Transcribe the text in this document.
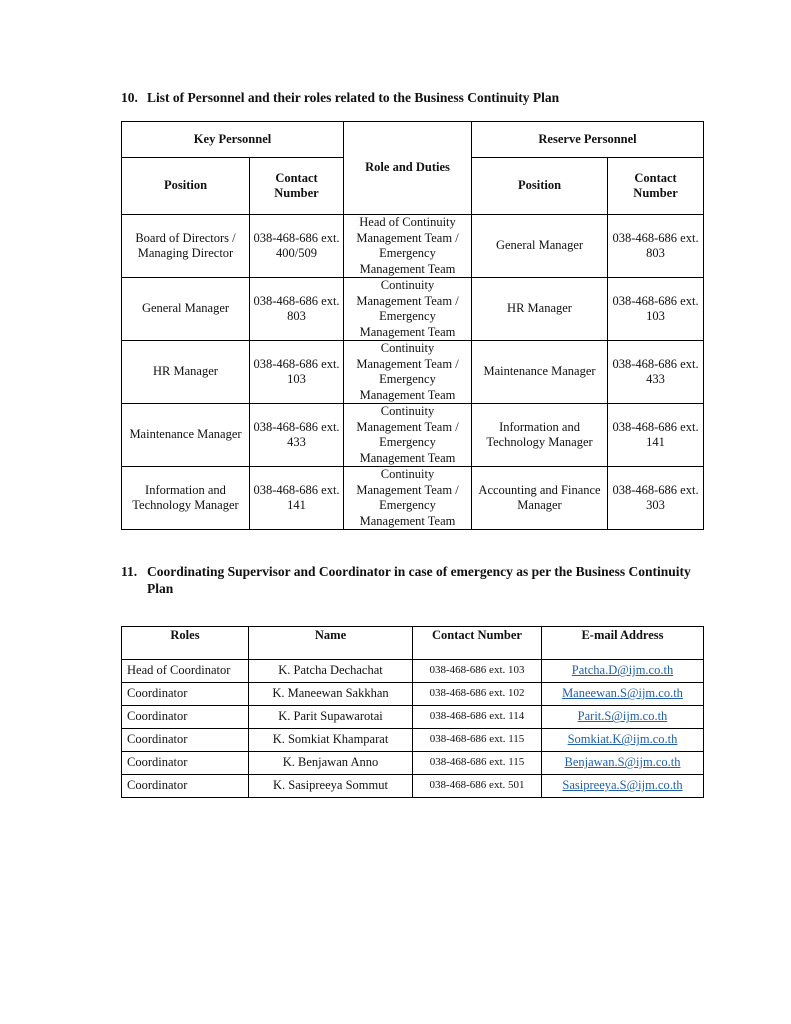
10. List of Personnel and their roles related to the Business Continuity Plan
Key Personnel		Role and Duties	Reserve Personnel	
Position	Contact Number		Position	Contact Number
Board of Directors / Managing Director	038-468-686 ext. 400/509	Head of Continuity Management Team / Emergency Management Team	General Manager	038-468-686 ext. 803
General Manager	038-468-686 ext. 803	Continuity Management Team / Emergency Management Team	HR Manager	038-468-686 ext. 103
HR Manager	038-468-686 ext. 103	Continuity Management Team / Emergency Management Team	Maintenance Manager	038-468-686 ext. 433
Maintenance Manager	038-468-686 ext. 433	Continuity Management Team / Emergency Management Team	Information and Technology Manager	038-468-686 ext. 141
Information and Technology Manager	038-468-686 ext. 141	Continuity Management Team / Emergency Management Team	Accounting and Finance Manager	038-468-686 ext. 303
11. Coordinating Supervisor and Coordinator in case of emergency as per the Business Continuity Plan
Roles	Name	Contact Number	E-mail Address
Head of Coordinator	K. Patcha Dechachat	038-468-686 ext. 103	Patcha.D@ijm.co.th
Coordinator	K. Maneewan Sakkhan	038-468-686 ext. 102	Maneewan.S@ijm.co.th
Coordinator	K. Parit Supawarotai	038-468-686 ext. 114	Parit.S@ijm.co.th
Coordinator	K. Somkiat Khamparat	038-468-686 ext. 115	Somkiat.K@ijm.co.th
Coordinator	K. Benjawan Anno	038-468-686 ext. 115	Benjawan.S@ijm.co.th
Coordinator	K. Sasipreeya Sommut	038-468-686 ext. 501	Sasipreeya.S@ijm.co.th
